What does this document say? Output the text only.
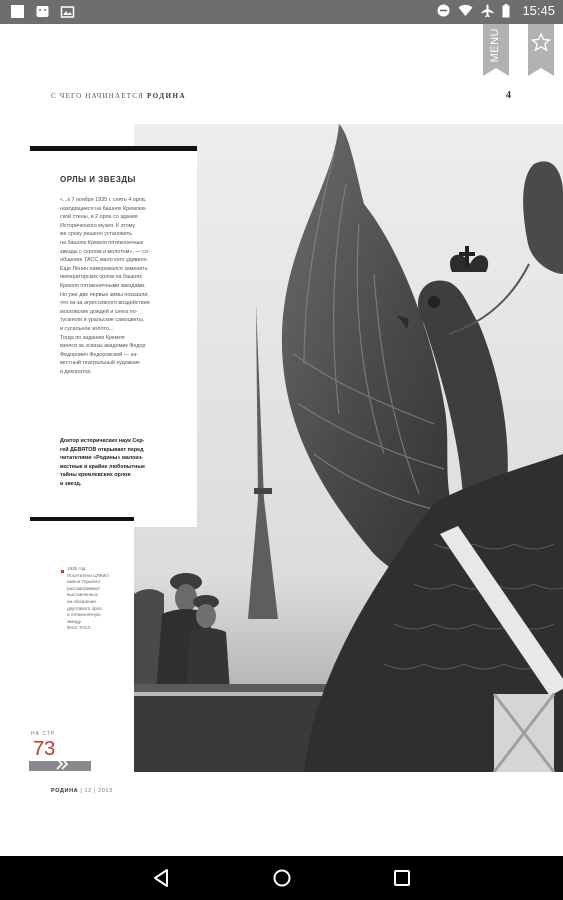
15:45
С ЧЕГО НАЧИНАЕТСЯ РОДИНА	4
MENU
ОРЛЫ И ЗВЕЗДЫ

«...к 7 ноября 1935 г. снять 4 орла,

находящиеся на башнях Кремлев-

ской стены, и 2 орла со здания

Исторического музея. К этому

же сроку решено установить

на башнях Кремля пятиконечные

звезды с серпом и молотом», — со-

общение ТАСС мало кого удивило.

Еще Ленин намеревался заменить

императорских орлов на башнях

Кремля пятиконечными звездами.

Но уже две первые зимы показали,

что из-за агрессивного воздействия

московских дождей и снега по-

тускнели и уральские самоцветы,

и сусальное золото...

Тогда по заданию Кремля

взялся за эскизы академик Федор

Федорович Федоровский — из-

вестный театральный художник

и декоратор.

Доктор исторических наук Сер-
гей ДЕВЯТОВ открывает перед
читателями «Родины» малоиз-
вестные и крайне любопытные
тайны кремлевских орлов
и звезд.
1935 год.
Посетители ЦПКиО
имени Горького
рассматривают
выставленных
на обозрение
двуглавого орла
и пятиконечную
звезду.
Фото ТАСС
НА СТР.
73
РОДИНА | 12 | 2013
